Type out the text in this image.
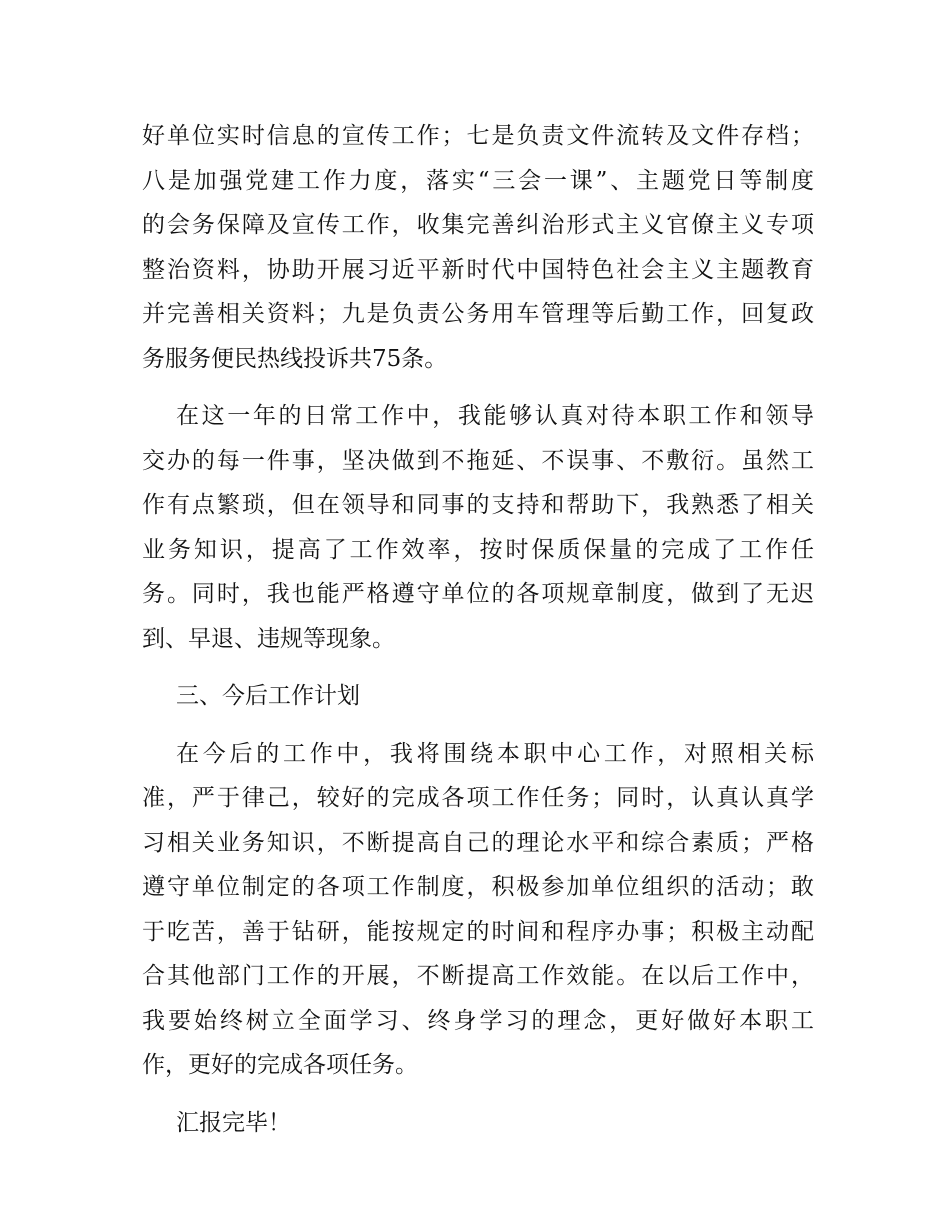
好单位实时信息的宣传工作；七是负责文件流转及文件存档；
八是加强党建工作力度，落实“三会一课”、主题党日等制度
的会务保障及宣传工作，收集完善纠治形式主义官僚主义专项
整治资料，协助开展习近平新时代中国特色社会主义主题教育
并完善相关资料；九是负责公务用车管理等后勤工作，回复政
务服务便民热线投诉共75条。
在这一年的日常工作中，我能够认真对待本职工作和领导
交办的每一件事，坚决做到不拖延、不误事、不敷衍。虽然工
作有点繁琐，但在领导和同事的支持和帮助下，我熟悉了相关
业务知识，提高了工作效率，按时保质保量的完成了工作任
务。同时，我也能严格遵守单位的各项规章制度，做到了无迟
到、早退、违规等现象。
三、今后工作计划
在今后的工作中，我将围绕本职中心工作，对照相关标
准，严于律己，较好的完成各项工作任务；同时，认真认真学
习相关业务知识，不断提高自己的理论水平和综合素质；严格
遵守单位制定的各项工作制度，积极参加单位组织的活动；敢
于吃苦，善于钻研，能按规定的时间和程序办事；积极主动配
合其他部门工作的开展，不断提高工作效能。在以后工作中，
我要始终树立全面学习、终身学习的理念，更好做好本职工
作，更好的完成各项任务。
汇报完毕！
